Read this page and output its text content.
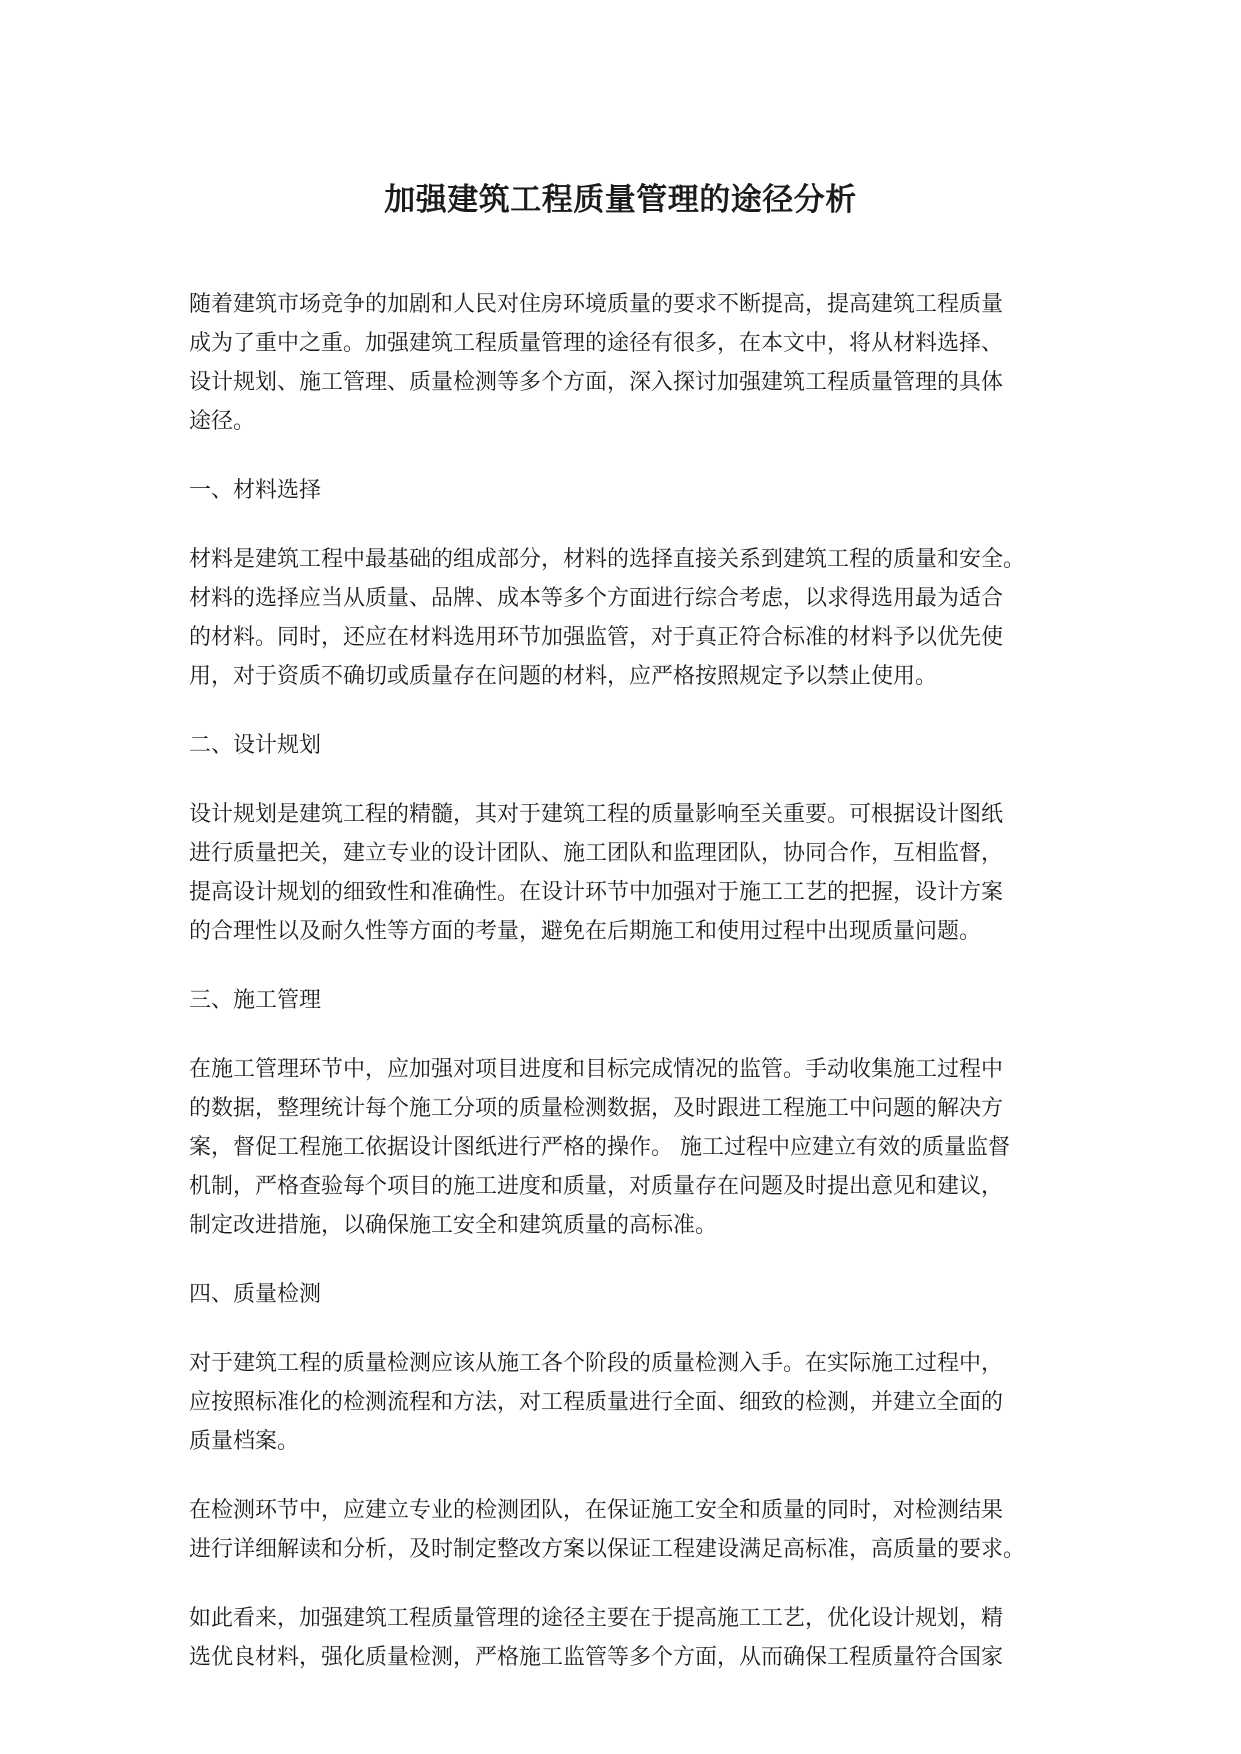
加强建筑工程质量管理的途径分析

随着建筑市场竞争的加剧和人民对住房环境质量的要求不断提高，提高建筑工程质量
成为了重中之重。加强建筑工程质量管理的途径有很多，在本文中，将从材料选择、
设计规划、施工管理、质量检测等多个方面，深入探讨加强建筑工程质量管理的具体
途径。

一、材料选择

材料是建筑工程中最基础的组成部分，材料的选择直接关系到建筑工程的质量和安全。
材料的选择应当从质量、品牌、成本等多个方面进行综合考虑，以求得选用最为适合
的材料。同时，还应在材料选用环节加强监管，对于真正符合标准的材料予以优先使
用，对于资质不确切或质量存在问题的材料，应严格按照规定予以禁止使用。

二、设计规划

设计规划是建筑工程的精髓，其对于建筑工程的质量影响至关重要。可根据设计图纸
进行质量把关，建立专业的设计团队、施工团队和监理团队，协同合作，互相监督，
提高设计规划的细致性和准确性。在设计环节中加强对于施工工艺的把握，设计方案
的合理性以及耐久性等方面的考量，避免在后期施工和使用过程中出现质量问题。

三、施工管理

在施工管理环节中，应加强对项目进度和目标完成情况的监管。手动收集施工过程中
的数据，整理统计每个施工分项的质量检测数据，及时跟进工程施工中问题的解决方
案，督促工程施工依据设计图纸进行严格的操作。 施工过程中应建立有效的质量监督
机制，严格查验每个项目的施工进度和质量，对质量存在问题及时提出意见和建议，
制定改进措施，以确保施工安全和建筑质量的高标准。

四、质量检测

对于建筑工程的质量检测应该从施工各个阶段的质量检测入手。在实际施工过程中，
应按照标准化的检测流程和方法，对工程质量进行全面、细致的检测，并建立全面的
质量档案。

在检测环节中，应建立专业的检测团队，在保证施工安全和质量的同时，对检测结果
进行详细解读和分析，及时制定整改方案以保证工程建设满足高标准，高质量的要求。

如此看来，加强建筑工程质量管理的途径主要在于提高施工工艺，优化设计规划，精
选优良材料，强化质量检测，严格施工监管等多个方面，从而确保工程质量符合国家
